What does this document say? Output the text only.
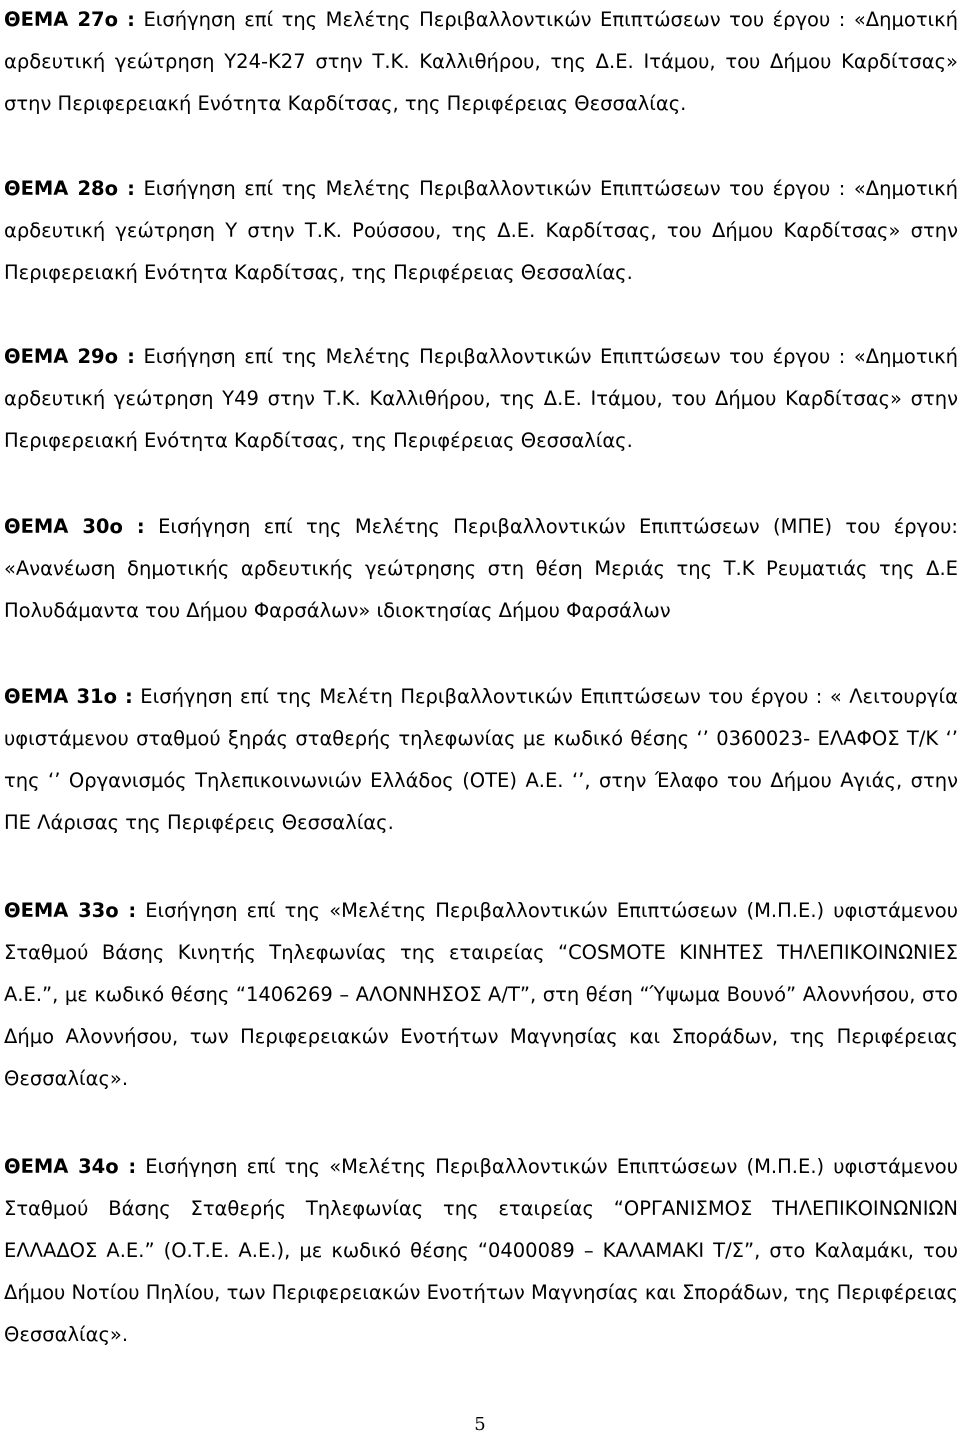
ΘΕΜΑ 27ο : Εισήγηση επί της Μελέτης Περιβαλλοντικών Επιπτώσεων του έργου : «Δημοτική αρδευτική γεώτρηση Υ24-Κ27 στην Τ.Κ. Καλλιθήρου, της Δ.Ε. Ιτάμου, του Δήμου Καρδίτσας» στην Περιφερειακή Ενότητα Καρδίτσας, της Περιφέρειας Θεσσαλίας.

ΘΕΜΑ 28ο : Εισήγηση επί της Μελέτης Περιβαλλοντικών Επιπτώσεων του έργου : «Δημοτική αρδευτική γεώτρηση Υ στην Τ.Κ. Ρούσσου, της Δ.Ε. Καρδίτσας, του Δήμου Καρδίτσας» στην Περιφερειακή Ενότητα Καρδίτσας, της Περιφέρειας Θεσσαλίας.

ΘΕΜΑ 29ο : Εισήγηση επί της Μελέτης Περιβαλλοντικών Επιπτώσεων του έργου : «Δημοτική αρδευτική γεώτρηση Υ49 στην Τ.Κ. Καλλιθήρου, της Δ.Ε. Ιτάμου, του Δήμου Καρδίτσας» στην Περιφερειακή Ενότητα Καρδίτσας, της Περιφέρειας Θεσσαλίας.

ΘΕΜΑ 30ο : Εισήγηση επί της Μελέτης Περιβαλλοντικών Επιπτώσεων (ΜΠΕ) του έργου: «Ανανέωση δημοτικής αρδευτικής γεώτρησης στη θέση Μεριάς της Τ.Κ Ρευματιάς της Δ.Ε Πολυδάμαντα του Δήμου Φαρσάλων» ιδιοκτησίας Δήμου Φαρσάλων

ΘΕΜΑ 31ο : Εισήγηση επί της Μελέτη Περιβαλλοντικών Επιπτώσεων του έργου : « Λειτουργία υφιστάμενου σταθμού ξηράς σταθερής τηλεφωνίας με κωδικό θέσης ‘’ 0360023- ΕΛΑΦΟΣ Τ/Κ ‘’ της ‘’ Οργανισμός Τηλεπικοινωνιών Ελλάδος (ΟΤΕ) Α.Ε. ‘’, στην Έλαφο του Δήμου Αγιάς, στην ΠΕ Λάρισας της Περιφέρεις Θεσσαλίας.

ΘΕΜΑ 33ο : Εισήγηση επί της «Μελέτης Περιβαλλοντικών Επιπτώσεων (Μ.Π.Ε.) υφιστάμενου Σταθμού Βάσης Κινητής Τηλεφωνίας της εταιρείας “COSMOTE ΚΙΝΗΤΕΣ ΤΗΛΕΠΙΚΟΙΝΩΝΙΕΣ Α.Ε.”, με κωδικό θέσης “1406269 – ΑΛΟΝΝΗΣΟΣ Α/Τ”, στη θέση “Ύψωμα Βουνό” Αλοννήσου, στο Δήμο Αλοννήσου, των Περιφερειακών Ενοτήτων Μαγνησίας και Σποράδων, της Περιφέρειας Θεσσαλίας».

ΘΕΜΑ 34ο : Εισήγηση επί της «Μελέτης Περιβαλλοντικών Επιπτώσεων (Μ.Π.Ε.) υφιστάμενου Σταθμού Βάσης Σταθερής Τηλεφωνίας της εταιρείας “ΟΡΓΑΝΙΣΜΟΣ ΤΗΛΕΠΙΚΟΙΝΩΝΙΩΝ ΕΛΛΑΔΟΣ Α.Ε.” (Ο.Τ.Ε. Α.Ε.), με κωδικό θέσης “0400089 – ΚΑΛΑΜΑΚΙ Τ/Σ”, στο Καλαμάκι, του Δήμου Νοτίου Πηλίου, των Περιφερειακών Ενοτήτων Μαγνησίας και Σποράδων, της Περιφέρειας Θεσσαλίας».

5
